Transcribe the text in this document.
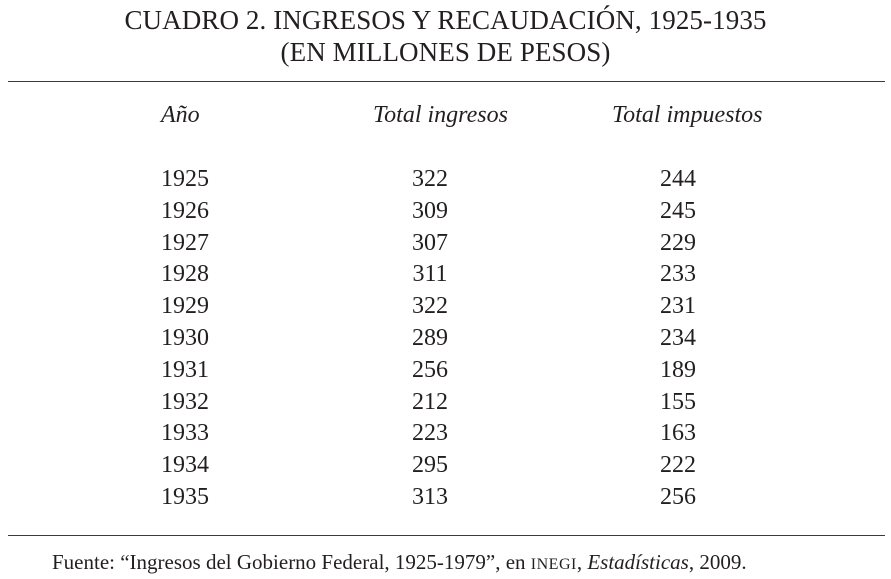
CUADRO 2. INGRESOS Y RECAUDACIÓN, 1925-1935
(EN MILLONES DE PESOS)
Año	Total ingresos	Total impuestos
1925	322	244
1926	309	245
1927	307	229
1928	311	233
1929	322	231
1930	289	234
1931	256	189
1932	212	155
1933	223	163
1934	295	222
1935	313	256
Fuente: “Ingresos del Gobierno Federal, 1925-1979”, en INEGI, Estadísticas, 2009.
